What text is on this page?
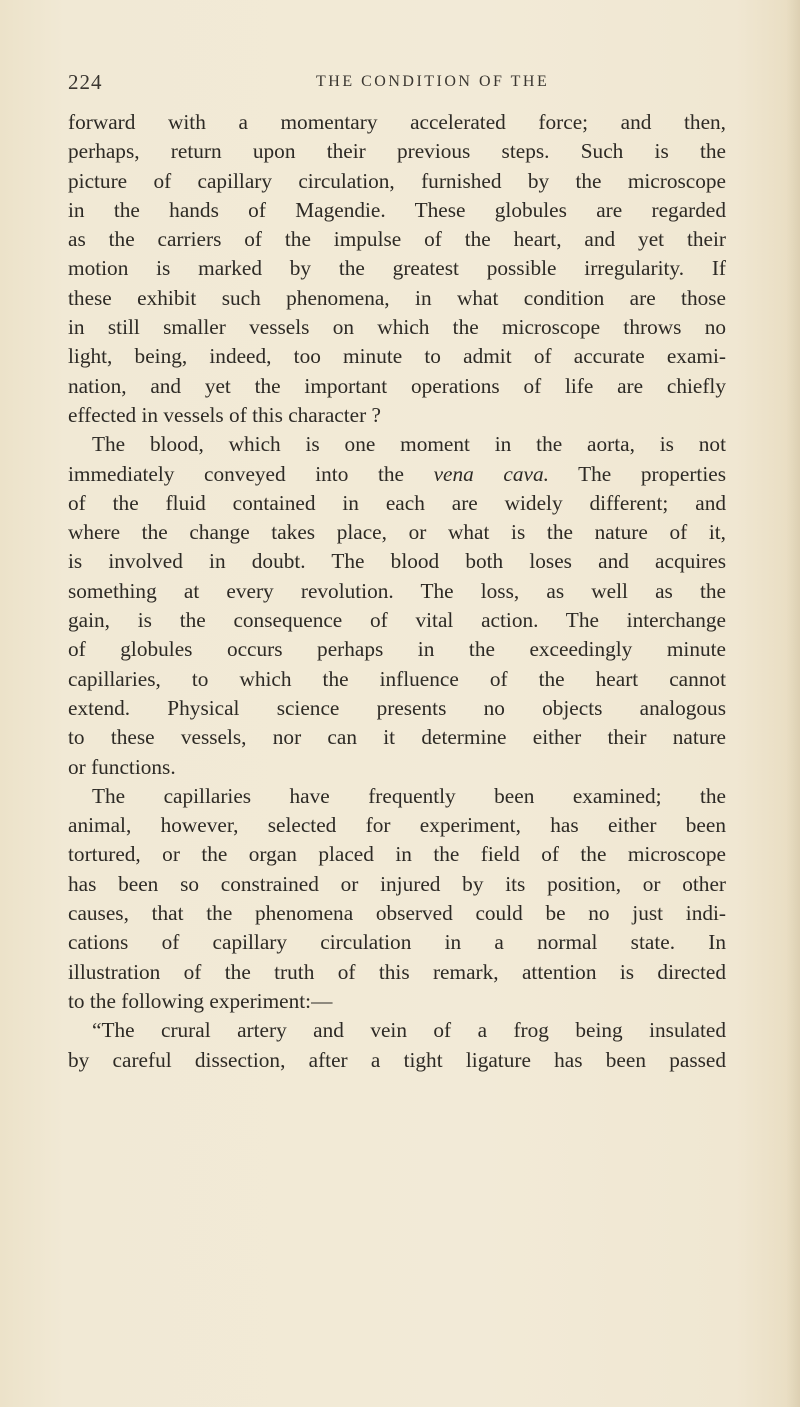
224	THE CONDITION OF THE
forward with a momentary accelerated force; and then,
perhaps, return upon their previous steps. Such is the
picture of capillary circulation, furnished by the microscope
in the hands of Magendie. These globules are regarded
as the carriers of the impulse of the heart, and yet their
motion is marked by the greatest possible irregularity. If
these exhibit such phenomena, in what condition are those
in still smaller vessels on which the microscope throws no
light, being, indeed, too minute to admit of accurate exami-
nation, and yet the important operations of life are chiefly
effected in vessels of this character ?
The blood, which is one moment in the aorta, is not
immediately conveyed into the vena cava. The properties
of the fluid contained in each are widely different; and
where the change takes place, or what is the nature of it,
is involved in doubt. The blood both loses and acquires
something at every revolution. The loss, as well as the
gain, is the consequence of vital action. The interchange
of globules occurs perhaps in the exceedingly minute
capillaries, to which the influence of the heart cannot
extend. Physical science presents no objects analogous
to these vessels, nor can it determine either their nature
or functions.
The capillaries have frequently been examined; the
animal, however, selected for experiment, has either been
tortured, or the organ placed in the field of the microscope
has been so constrained or injured by its position, or other
causes, that the phenomena observed could be no just indi-
cations of capillary circulation in a normal state. In
illustration of the truth of this remark, attention is directed
to the following experiment:—
“The crural artery and vein of a frog being insulated
by careful dissection, after a tight ligature has been passed
